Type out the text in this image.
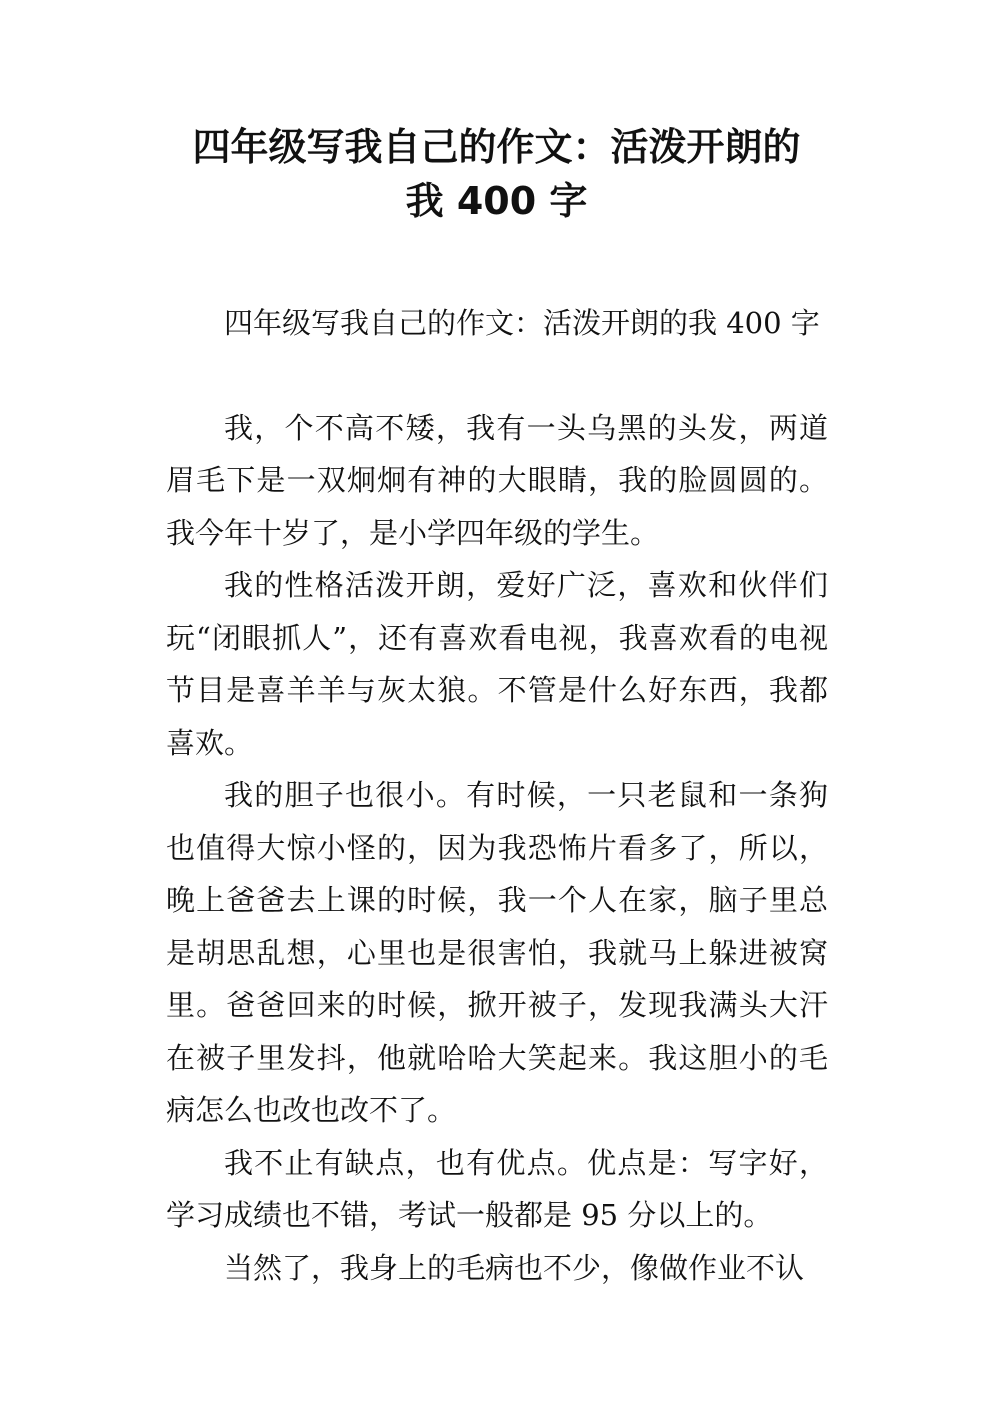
四年级写我自己的作文：活泼开朗的
我 400 字

四年级写我自己的作文：活泼开朗的我 400 字

我，个不高不矮，我有一头乌黑的头发，两道眉毛下是一双炯炯有神的大眼睛，我的脸圆圆的。我今年十岁了，是小学四年级的学生。

我的性格活泼开朗，爱好广泛，喜欢和伙伴们玩“闭眼抓人”，还有喜欢看电视，我喜欢看的电视节目是喜羊羊与灰太狼。不管是什么好东西，我都喜欢。

我的胆子也很小。有时候，一只老鼠和一条狗也值得大惊小怪的，因为我恐怖片看多了，所以，晚上爸爸去上课的时候，我一个人在家，脑子里总是胡思乱想，心里也是很害怕，我就马上躲进被窝里。爸爸回来的时候，掀开被子，发现我满头大汗在被子里发抖，他就哈哈大笑起来。我这胆小的毛病怎么也改也改不了。

我不止有缺点，也有优点。优点是：写字好，学习成绩也不错，考试一般都是 95 分以上的。

当然了，我身上的毛病也不少，像做作业不认
